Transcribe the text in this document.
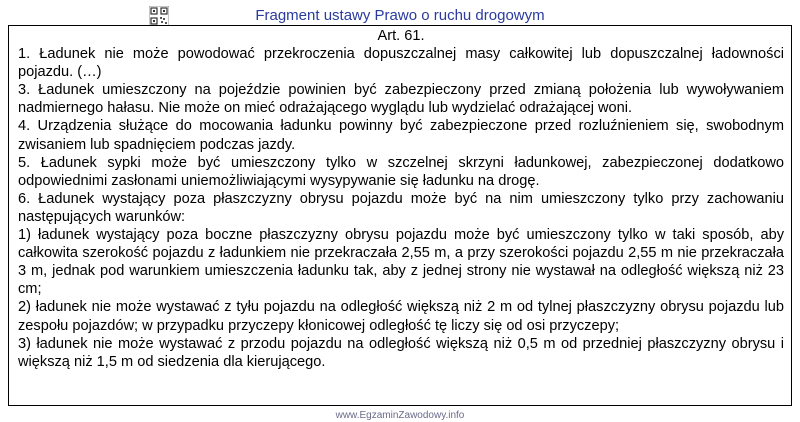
Fragment ustawy Prawo o ruchu drogowym

Art. 61.

1. Ładunek nie może powodować przekroczenia dopuszczalnej masy całkowitej lub dopuszczalnej ładowności pojazdu. (…)

3. Ładunek umieszczony na pojeździe powinien być zabezpieczony przed zmianą położenia lub wywoływaniem nadmiernego hałasu. Nie może on mieć odrażającego wyglądu lub wydzielać odrażającej woni.

4. Urządzenia służące do mocowania ładunku powinny być zabezpieczone przed rozluźnieniem się, swobodnym zwisaniem lub spadnięciem podczas jazdy.

5. Ładunek sypki może być umieszczony tylko w szczelnej skrzyni ładunkowej, zabezpieczonej dodatkowo odpowiednimi zasłonami uniemożliwiającymi wysypywanie się ładunku na drogę.

6. Ładunek wystający poza płaszczyzny obrysu pojazdu może być na nim umieszczony tylko przy zachowaniu następujących warunków:

1) ładunek wystający poza boczne płaszczyzny obrysu pojazdu może być umieszczony tylko w taki sposób, aby całkowita szerokość pojazdu z ładunkiem nie przekraczała 2,55 m, a przy szerokości pojazdu 2,55 m nie przekraczała 3 m, jednak pod warunkiem umieszczenia ładunku tak, aby z jednej strony nie wystawał na odległość większą niż 23 cm;

2) ładunek nie może wystawać z tyłu pojazdu na odległość większą niż 2 m od tylnej płaszczyzny obrysu pojazdu lub zespołu pojazdów; w przypadku przyczepy kłonicowej odległość tę liczy się od osi przyczepy;

3) ładunek nie może wystawać z przodu pojazdu na odległość większą niż 0,5 m od przedniej płaszczyzny obrysu i większą niż 1,5 m od siedzenia dla kierującego.

www.EgzaminZawodowy.info
